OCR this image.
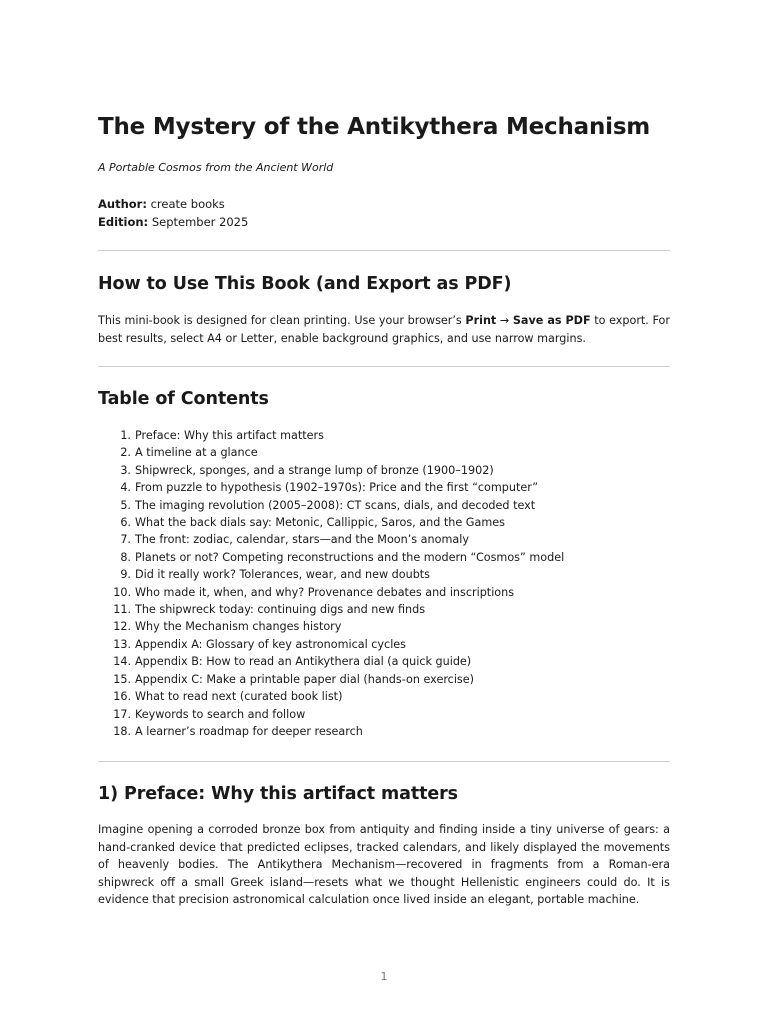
The Mystery of the Antikythera Mechanism

A Portable Cosmos from the Ancient World

Author: create books

Edition: September 2025

How to Use This Book (and Export as PDF)

This mini-book is designed for clean printing. Use your browser’s Print → Save as PDF to export. For best results, select A4 or Letter, enable background graphics, and use narrow margins.

Table of Contents
1. Preface: Why this artifact matters
2. A timeline at a glance
3. Shipwreck, sponges, and a strange lump of bronze (1900–1902)
4. From puzzle to hypothesis (1902–1970s): Price and the first “computer”
5. The imaging revolution (2005–2008): CT scans, dials, and decoded text
6. What the back dials say: Metonic, Callippic, Saros, and the Games
7. The front: zodiac, calendar, stars—and the Moon’s anomaly
8. Planets or not? Competing reconstructions and the modern “Cosmos” model
9. Did it really work? Tolerances, wear, and new doubts
10. Who made it, when, and why? Provenance debates and inscriptions
11. The shipwreck today: continuing digs and new finds
12. Why the Mechanism changes history
13. Appendix A: Glossary of key astronomical cycles
14. Appendix B: How to read an Antikythera dial (a quick guide)
15. Appendix C: Make a printable paper dial (hands-on exercise)
16. What to read next (curated book list)
17. Keywords to search and follow
18. A learner’s roadmap for deeper research
1) Preface: Why this artifact matters

Imagine opening a corroded bronze box from antiquity and finding inside a tiny universe of gears: a hand-cranked device that predicted eclipses, tracked calendars, and likely displayed the movements of heavenly bodies. The Antikythera Mechanism—recovered in fragments from a Roman-era shipwreck off a small Greek island—resets what we thought Hellenistic engineers could do. It is evidence that precision astronomical calculation once lived inside an elegant, portable machine.

1
